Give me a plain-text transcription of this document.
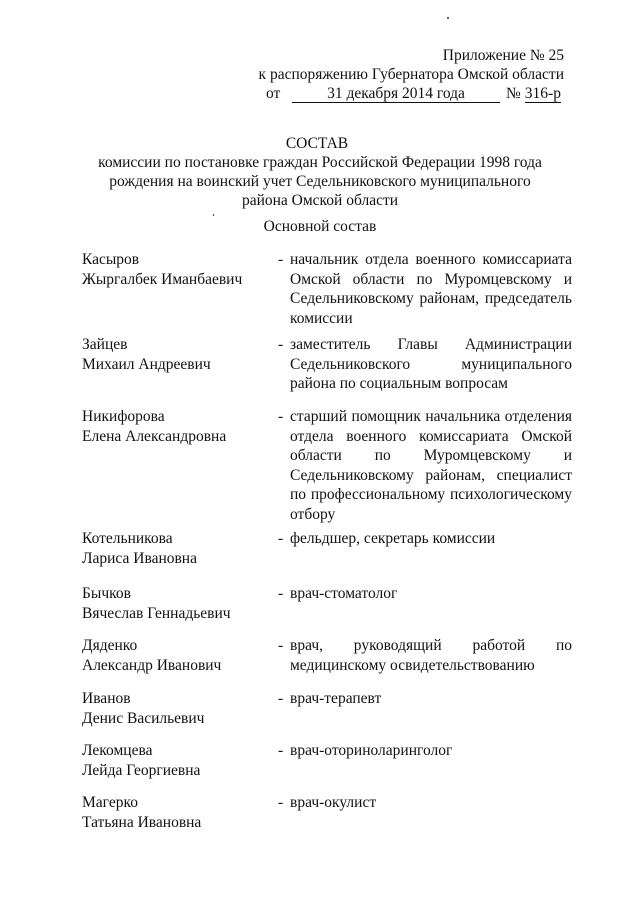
Приложение № 25
к распоряжению Губернатора Омской области
от	31 декабря 2014 года	№ 316-р
СОСТАВ
комиссии по постановке граждан Российской Федерации 1998 года
рождения на воинский учет Седельниковского муниципального
района Омской области
Основной состав
Касыров
Жыргалбек Иманбаевич
- начальник отдела военного комиссариата Омской области по Муромцевскому и Седельниковскому районам, председатель комиссии
Зайцев
Михаил Андреевич
- заместитель Главы Администрации Седельниковского муниципального района по социальным вопросам
Никифорова
Елена Александровна
- старший помощник начальника отделения отдела военного комиссариата Омской области по Муромцевскому и Седельниковскому районам, специалист по профессиональному психологическому отбору
Котельникова
Лариса Ивановна
- фельдшер, секретарь комиссии
Бычков
Вячеслав Геннадьевич
- врач-стоматолог
Дяденко
Александр Иванович
- врач, руководящий работой по медицинскому освидетельствованию
Иванов
Денис Васильевич
- врач-терапевт
Лекомцева
Лейда Георгиевна
- врач-оториноларинголог
Магерко
Татьяна Ивановна
- врач-окулист
